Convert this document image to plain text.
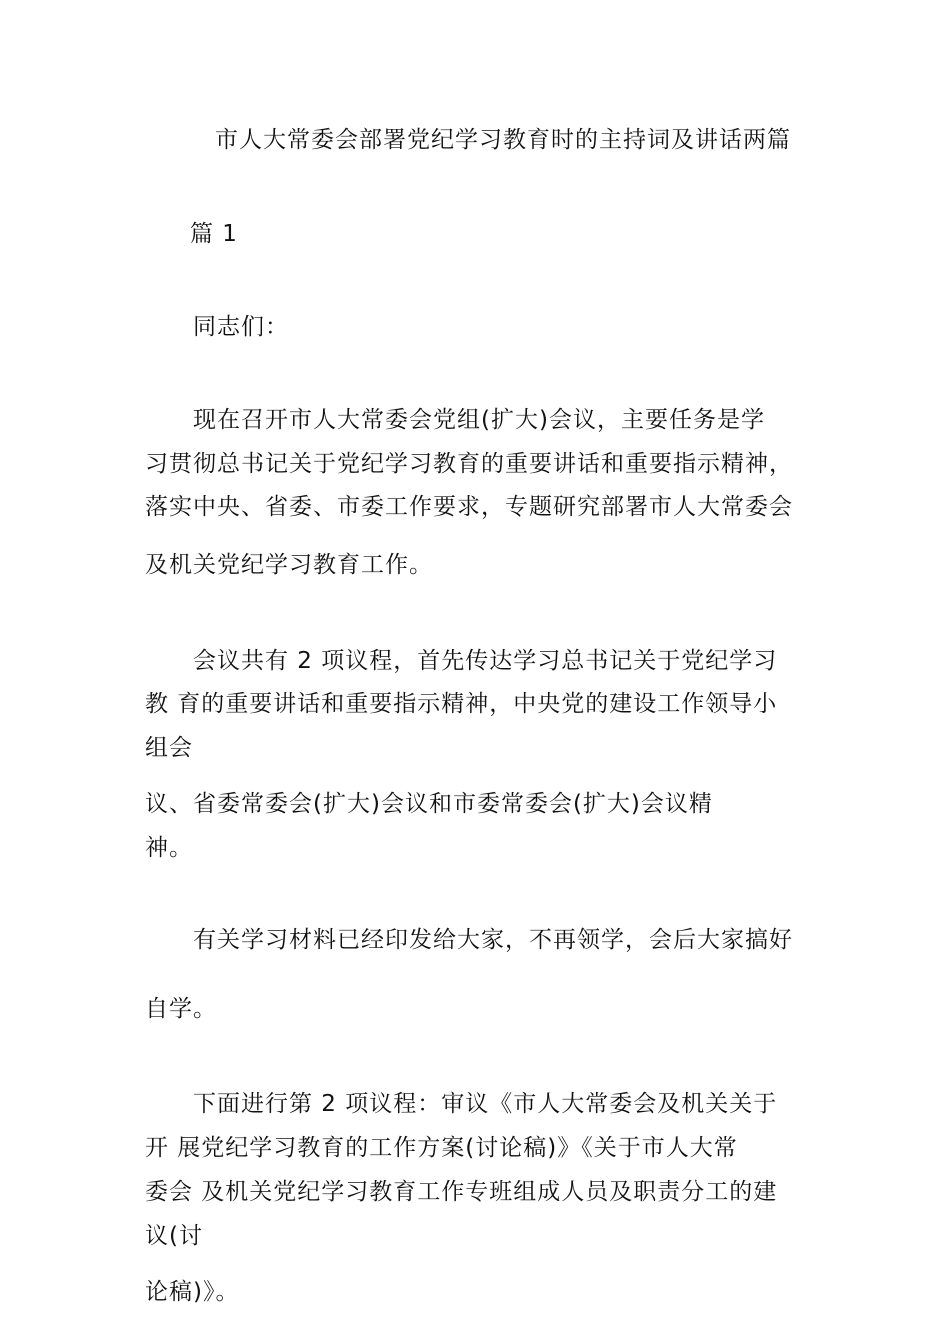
市人大常委会部署党纪学习教育时的主持词及讲话两篇
篇 1
同志们：
现在召开市人大常委会党组(扩大)会议，主要任务是学
习贯彻总书记关于党纪学习教育的重要讲话和重要指示精神，
落实中央、省委、市委工作要求，专题研究部署市人大常委会
及机关党纪学习教育工作。
会议共有 2 项议程，首先传达学习总书记关于党纪学习
教 育的重要讲话和重要指示精神，中央党的建设工作领导小
组会
议、省委常委会(扩大)会议和市委常委会(扩大)会议精
神。
有关学习材料已经印发给大家，不再领学，会后大家搞好
自学。
下面进行第 2 项议程：审议《市人大常委会及机关关于
开 展党纪学习教育的工作方案(讨论稿)》《关于市人大常
委会 及机关党纪学习教育工作专班组成人员及职责分工的建
议(讨
论稿)》。
